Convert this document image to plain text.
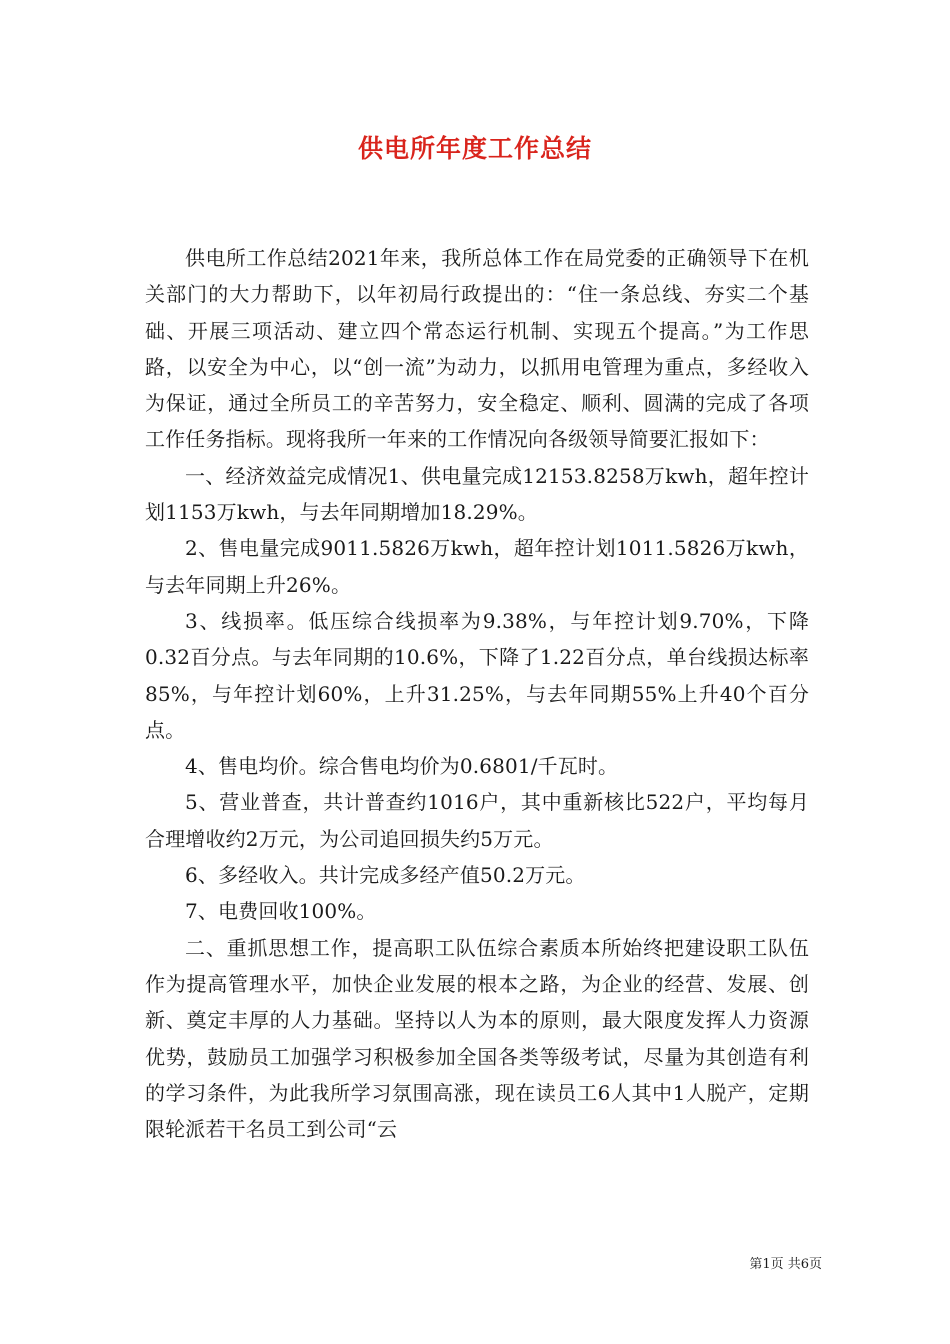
供电所年度工作总结

供电所工作总结2021年来，我所总体工作在局党委的正确领导下在机关部门的大力帮助下，以年初局行政提出的：“住一条总线、夯实二个基础、开展三项活动、建立四个常态运行机制、实现五个提高。”为工作思路，以安全为中心，以“创一流”为动力，以抓用电管理为重点，多经收入为保证，通过全所员工的辛苦努力，安全稳定、顺利、圆满的完成了各项工作任务指标。现将我所一年来的工作情况向各级领导简要汇报如下：

一、经济效益完成情况1、供电量完成12153.8258万kwh，超年控计划1153万kwh，与去年同期增加18.29%。

2、售电量完成9011.5826万kwh，超年控计划1011.5826万kwh，与去年同期上升26%。

3、线损率。低压综合线损率为9.38%，与年控计划9.70%，下降0.32百分点。与去年同期的10.6%，下降了1.22百分点，单台线损达标率85%，与年控计划60%，上升31.25%，与去年同期55%上升40个百分点。

4、售电均价。综合售电均价为0.6801/千瓦时。

5、营业普查，共计普查约1016户，其中重新核比522户，平均每月合理增收约2万元，为公司追回损失约5万元。

6、多经收入。共计完成多经产值50.2万元。

7、电费回收100%。

二、重抓思想工作，提高职工队伍综合素质本所始终把建设职工队伍作为提高管理水平，加快企业发展的根本之路，为企业的经营、发展、创新、奠定丰厚的人力基础。坚持以人为本的原则，最大限度发挥人力资源优势，鼓励员工加强学习积极参加全国各类等级考试，尽量为其创造有利的学习条件，为此我所学习氛围高涨，现在读员工6人其中1人脱产，定期限轮派若干名员工到公司“云

第1页 共6页
